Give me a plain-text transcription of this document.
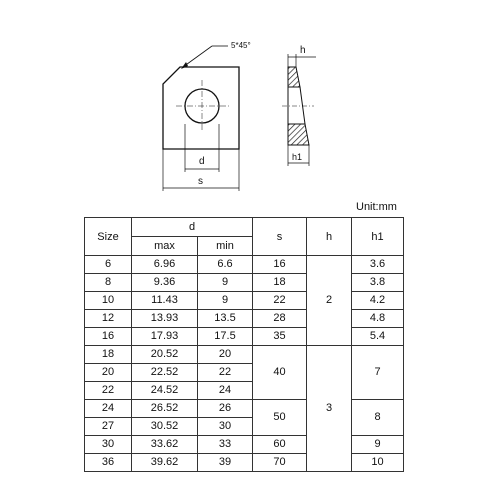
5*45°
d
s
h
h1
Unit:mm
Size	d		s	h	h1
	max	min			
6	6.96	6.6	16	2	3.6
8	9.36	9	18		3.8
10	11.43	9	22		4.2
12	13.93	13.5	28		4.8
16	17.93	17.5	35		5.4
18	20.52	20	40	3	7
20	22.52	22			
22	24.52	24			
24	26.52	26	50		8
27	30.52	30			
30	33.62	33	60		9
36	39.62	39	70		10
